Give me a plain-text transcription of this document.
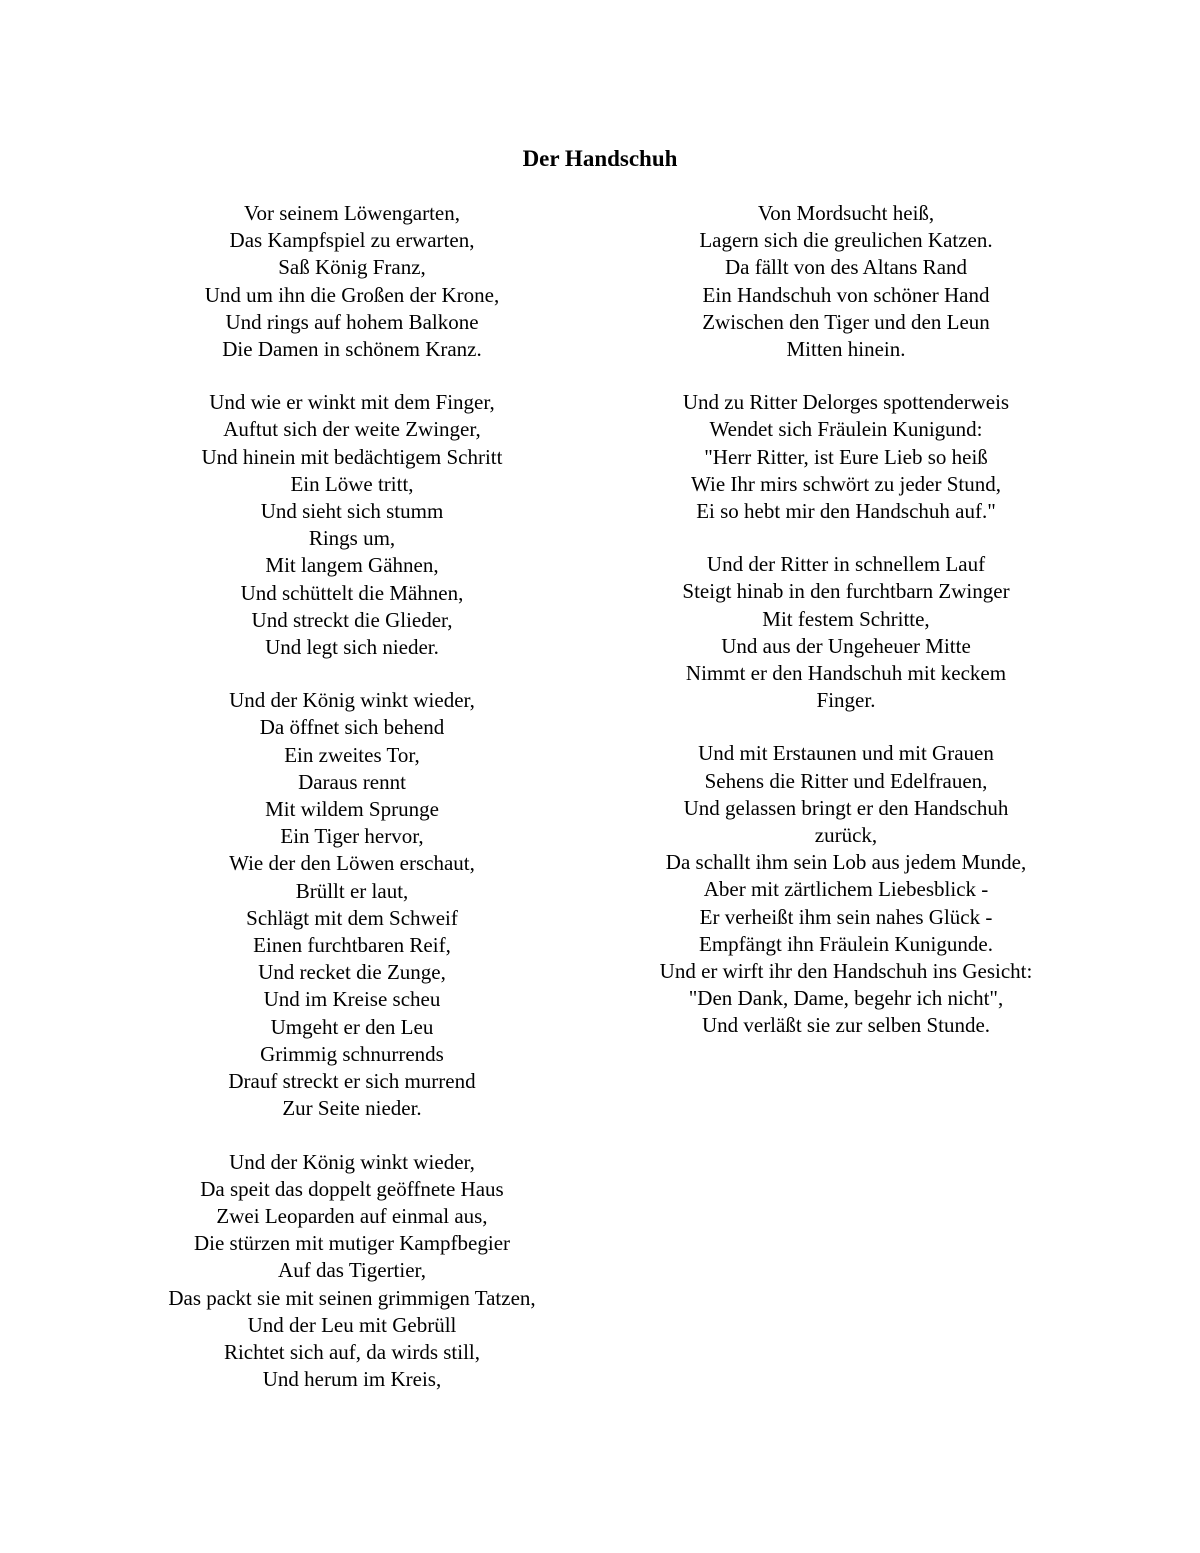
Der Handschuh
Vor seinem Löwengarten,
Das Kampfspiel zu erwarten,
Saß König Franz,
Und um ihn die Großen der Krone,
Und rings auf hohem Balkone
Die Damen in schönem Kranz.
Und wie er winkt mit dem Finger,
Auftut sich der weite Zwinger,
Und hinein mit bedächtigem Schritt
Ein Löwe tritt,
Und sieht sich stumm
Rings um,
Mit langem Gähnen,
Und schüttelt die Mähnen,
Und streckt die Glieder,
Und legt sich nieder.
Und der König winkt wieder,
Da öffnet sich behend
Ein zweites Tor,
Daraus rennt
Mit wildem Sprunge
Ein Tiger hervor,
Wie der den Löwen erschaut,
Brüllt er laut,
Schlägt mit dem Schweif
Einen furchtbaren Reif,
Und recket die Zunge,
Und im Kreise scheu
Umgeht er den Leu
Grimmig schnurrends
Drauf streckt er sich murrend
Zur Seite nieder.
Und der König winkt wieder,
Da speit das doppelt geöffnete Haus
Zwei Leoparden auf einmal aus,
Die stürzen mit mutiger Kampfbegier
Auf das Tigertier,
Das packt sie mit seinen grimmigen Tatzen,
Und der Leu mit Gebrüll
Richtet sich auf, da wirds still,
Und herum im Kreis,
Von Mordsucht heiß,
Lagern sich die greulichen Katzen.
Da fällt von des Altans Rand
Ein Handschuh von schöner Hand
Zwischen den Tiger und den Leun
Mitten hinein.
Und zu Ritter Delorges spottenderweis
Wendet sich Fräulein Kunigund:
"Herr Ritter, ist Eure Lieb so heiß
Wie Ihr mirs schwört zu jeder Stund,
Ei so hebt mir den Handschuh auf."
Und der Ritter in schnellem Lauf
Steigt hinab in den furchtbarn Zwinger
Mit festem Schritte,
Und aus der Ungeheuer Mitte
Nimmt er den Handschuh mit keckem
Finger.
Und mit Erstaunen und mit Grauen
Sehens die Ritter und Edelfrauen,
Und gelassen bringt er den Handschuh
zurück,
Da schallt ihm sein Lob aus jedem Munde,
Aber mit zärtlichem Liebesblick -
Er verheißt ihm sein nahes Glück -
Empfängt ihn Fräulein Kunigunde.
Und er wirft ihr den Handschuh ins Gesicht:
"Den Dank, Dame, begehr ich nicht",
Und verläßt sie zur selben Stunde.
